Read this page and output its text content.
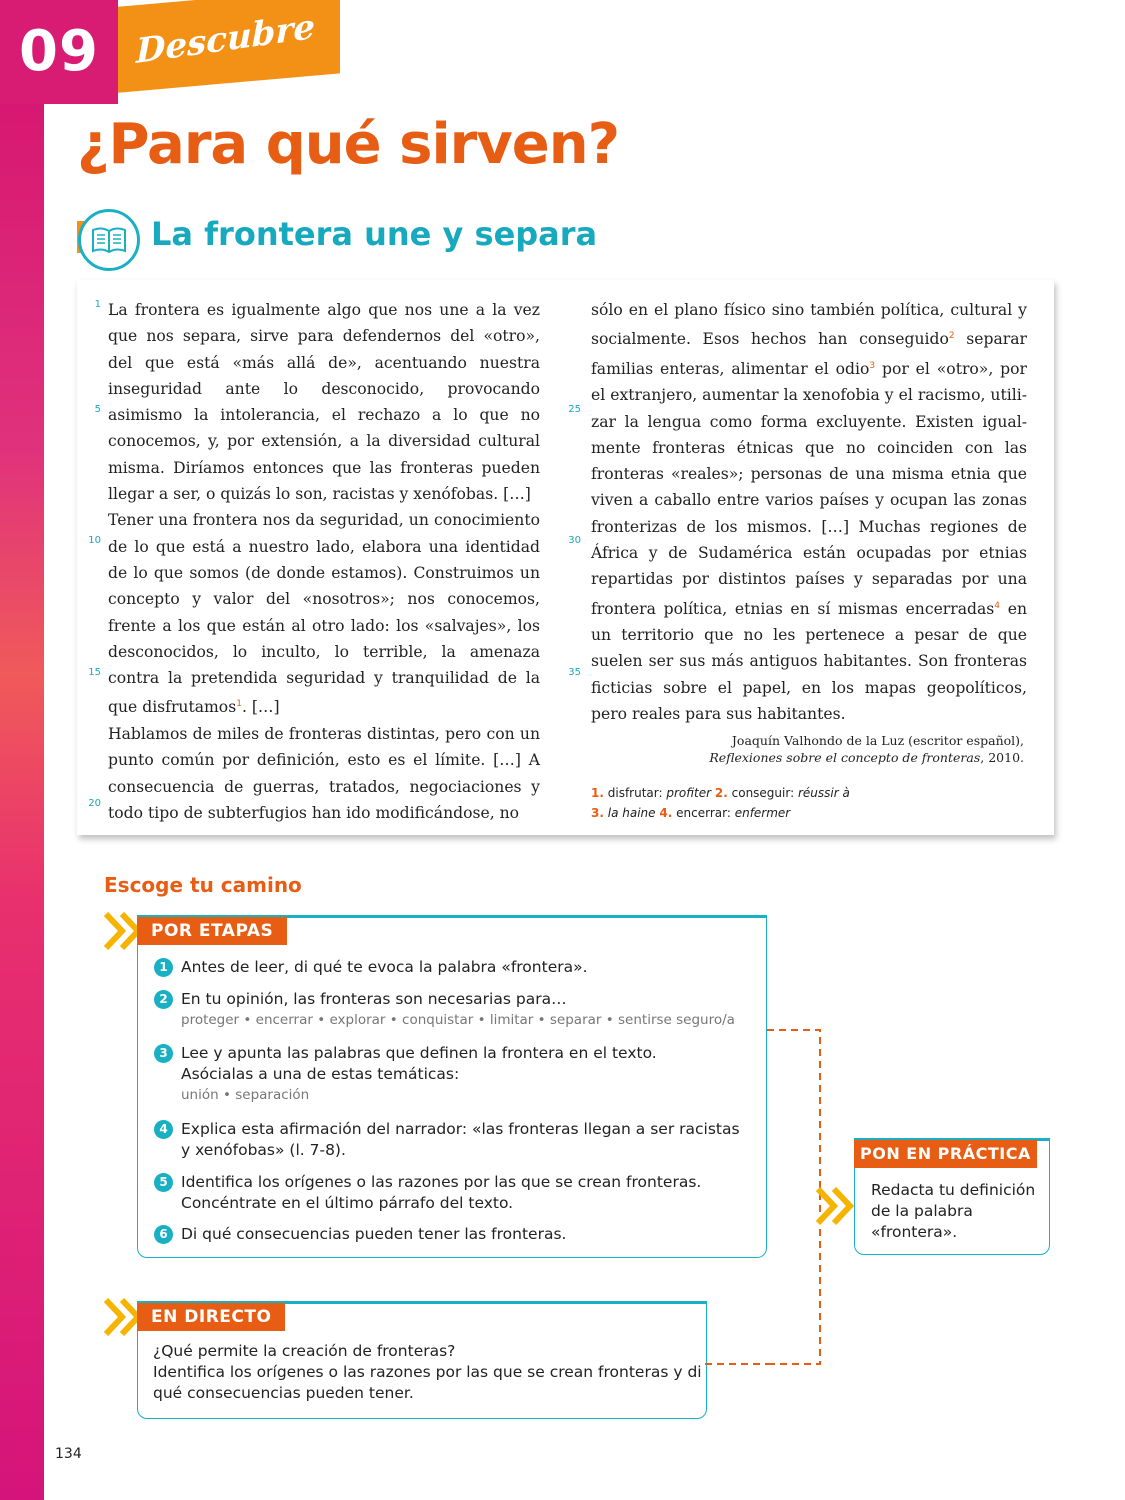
Descubre
09
¿Para qué sirven?
La frontera une y separa
1
5
10
15
20
25
30
35

La frontera es igualmente algo que nos une a la vez que nos separa, sirve para defendernos del «otro», del que está «más allá de», acentuando nuestra inseguridad ante lo desconocido, provocando asimismo la intolerancia, el rechazo a lo que no conocemos, y, por extensión, a la diversidad cultural misma. Diríamos entonces que las fronteras pueden llegar a ser, o quizás lo son, racistas y xenófobas. […]

Tener una frontera nos da seguridad, un conocimiento de lo que está a nuestro lado, elabora una identidad de lo que somos (de donde estamos). Construimos un concepto y valor del «nosotros»; nos conocemos, frente a los que están al otro lado: los «salvajes», los desconocidos, lo inculto, lo terrible, la amenaza contra la pretendida seguridad y tranquilidad de la que disfrutamos$^1$. […]

Hablamos de miles de fronteras distintas, pero con un punto común por definición, esto es el límite. […] A consecuencia de guerras, tratados, negociaciones y todo tipo de subterfugios han ido modificándose, no

sólo en el plano físico sino también política, cultural y socialmente. Esos hechos han conseguido$^2$ separar familias enteras, alimentar el odio$^3$ por el «otro», por el extranjero, aumentar la xenofobia y el racismo, utilizar la lengua como forma excluyente. Existen igualmente fronteras étnicas que no coinciden con las fronteras «reales»; personas de una misma etnia que viven a caballo entre varios países y ocupan las zonas fronterizas de los mismos. […] Muchas regiones de África y de Sudamérica están ocupadas por etnias repartidas por distintos países y separadas por una frontera política, etnias en sí mismas encerradas$^4$ en un territorio que no les pertenece a pesar de que suelen ser sus más antiguos habitantes. Son fronteras ficticias sobre el papel, en los mapas geopolíticos, pero reales para sus habitantes.

Joaquín Valhondo de la Luz (escritor español),
Reflexiones sobre el concepto de fronteras, 2010.
1. disfrutar: profiter 2. conseguir: réussir à
3. la haine 4. encerrar: enfermer
Escoge tu camino
POR ETAPAS
1 Antes de leer, di qué te evoca la palabra «frontera».
2 En tu opinión, las fronteras son necesarias para…
proteger • encerrar • explorar • conquistar • limitar • separar • sentirse seguro/a
3 Lee y apunta las palabras que definen la frontera en el texto.
Asócialas a una de estas temáticas:
unión • separación
4 Explica esta afirmación del narrador: «las fronteras llegan a ser racistas
y xenófobas» (l. 7-8).
5 Identifica los orígenes o las razones por las que se crean fronteras.
Concéntrate en el último párrafo del texto.
6 Di qué consecuencias pueden tener las fronteras.
EN DIRECTO
¿Qué permite la creación de fronteras?
Identifica los orígenes o las razones por las que se crean fronteras y di
qué consecuencias pueden tener.
PON EN PRÁCTICA
Redacta tu definición
de la palabra
«frontera».
134
